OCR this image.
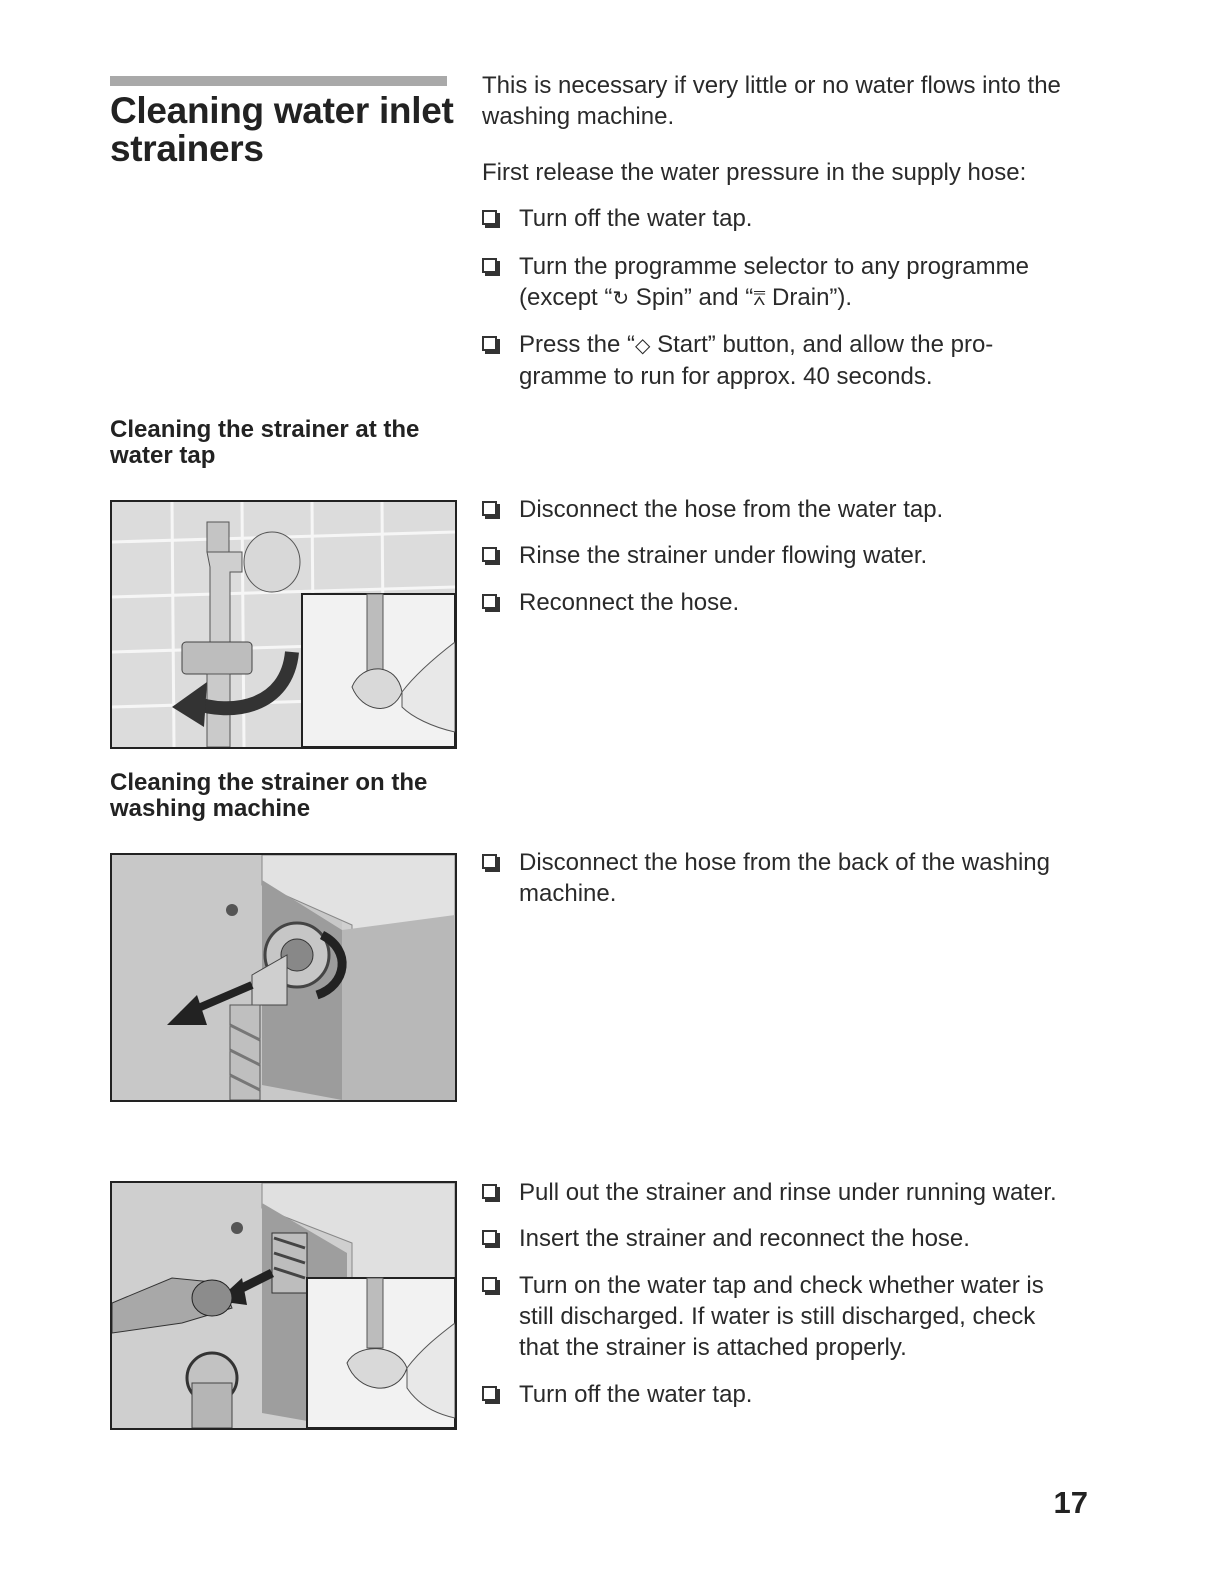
Cleaning water inlet strainers

This is necessary if very little or no water flows into the washing machine.

First release the water pressure in the supply hose:

Turn off the water tap.
Turn the programme selector to any programme
(except “↻ Spin” and “⩞ Drain”).
Press the “◇ Start” button, and allow the pro-
gramme to run for approx. 40 seconds.
Cleaning the strainer at the water tap
Disconnect the hose from the water tap.
Rinse the strainer under flowing water.
Reconnect the hose.
Cleaning the strainer on the washing machine
Disconnect the hose from the back of the washing
machine.
Pull out the strainer and rinse under running water.
Insert the strainer and reconnect the hose.
Turn on the water tap and check whether water is
still discharged. If water is still discharged, check
that the strainer is attached properly.
Turn off the water tap.
17
